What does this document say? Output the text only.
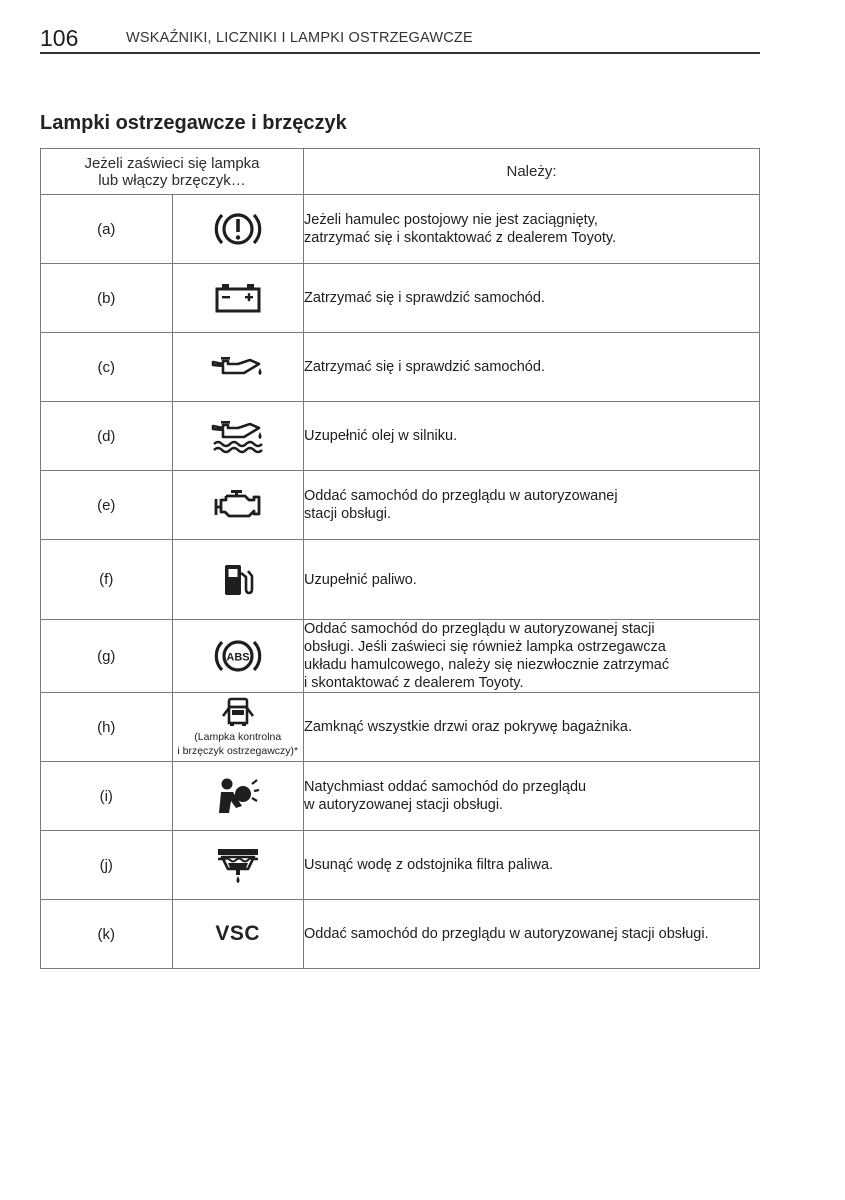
106	WSKAŹNIKI, LICZNIKI I LAMPKI OSTRZEGAWCZE
Lampki ostrzegawcze i brzęczyk
Jeżeli zaświeci się lampka
lub włączy brzęczyk…		Należy:
(a)		Jeżeli hamulec postojowy nie jest zaciągnięty,
zatrzymać się i skontaktować z dealerem Toyoty.

(b)		Zatrzymać się i sprawdzić samochód.

(c)		Zatrzymać się i sprawdzić samochód.

(d)		Uzupełnić olej w silniku.

(e)		Oddać samochód do przeglądu w autoryzowanej
stacji obsługi.

(f)		Uzupełnić paliwo.

(g)	ABS	Oddać samochód do przeglądu w autoryzowanej stacji
obsługi. Jeśli zaświeci się również lampka ostrzegawcza
układu hamulcowego, należy się niezwłocznie zatrzymać
i skontaktować z dealerem Toyoty.

(h)	(Lampka kontrolna
i brzęczyk ostrzegawczy)*	Zamknąć wszystkie drzwi oraz pokrywę bagażnika.

(i)		Natychmiast oddać samochód do przeglądu
w autoryzowanej stacji obsługi.

(j)		Usunąć wodę z odstojnika filtra paliwa.

(k)	VSC	Oddać samochód do przeglądu w autoryzowanej stacji obsługi.
